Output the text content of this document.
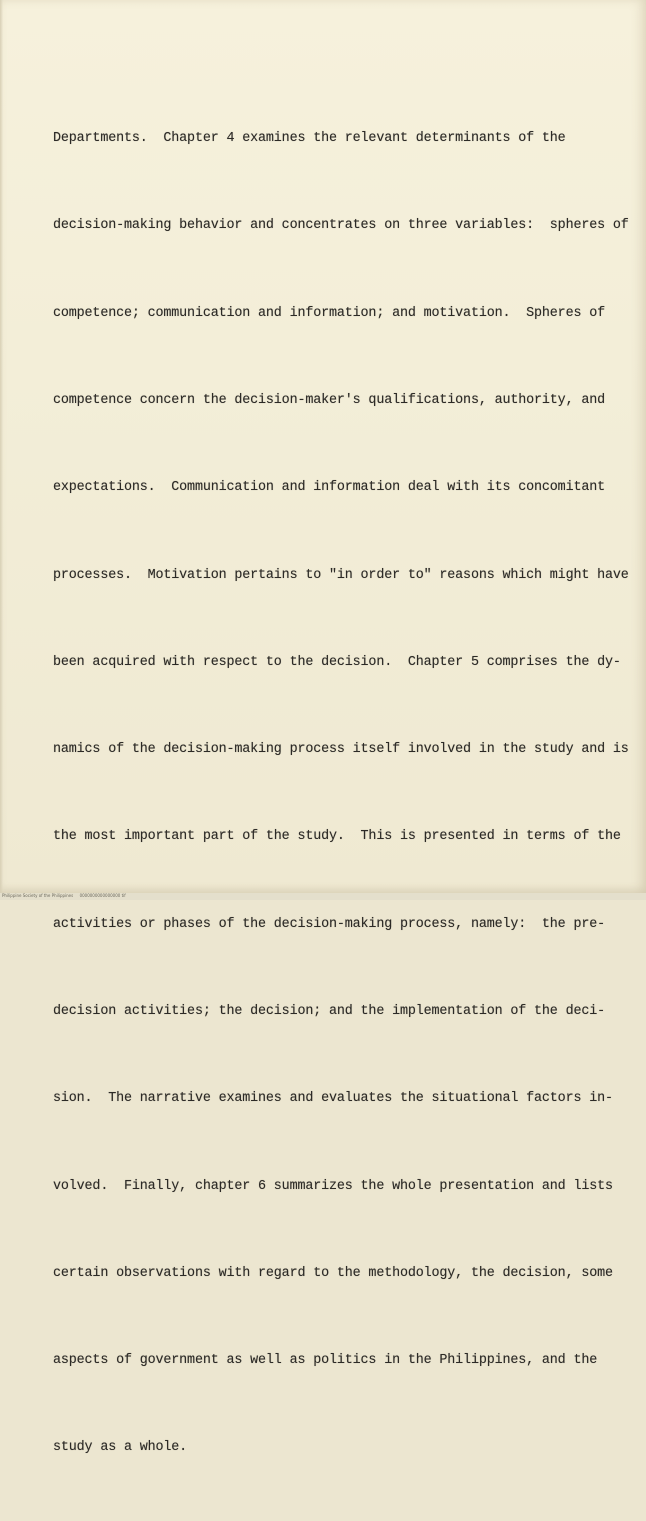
Departments.  Chapter 4 examines the relevant determinants of the

decision-making behavior and concentrates on three variables:  spheres of

competence; communication and information; and motivation.  Spheres of

competence concern the decision-maker's qualifications, authority, and

expectations.  Communication and information deal with its concomitant

processes.  Motivation pertains to "in order to" reasons which might have

been acquired with respect to the decision.  Chapter 5 comprises the dy-

namics of the decision-making process itself involved in the study and is

the most important part of the study.  This is presented in terms of the

activities or phases of the decision-making process, namely:  the pre-

decision activities; the decision; and the implementation of the deci-

sion.  The narrative examines and evaluates the situational factors in-

volved.  Finally, chapter 6 summarizes the whole presentation and lists

certain observations with regard to the methodology, the decision, some

aspects of government as well as politics in the Philippines, and the

study as a whole.

Philippine Society of the Philippines     0000000000000000 tif
